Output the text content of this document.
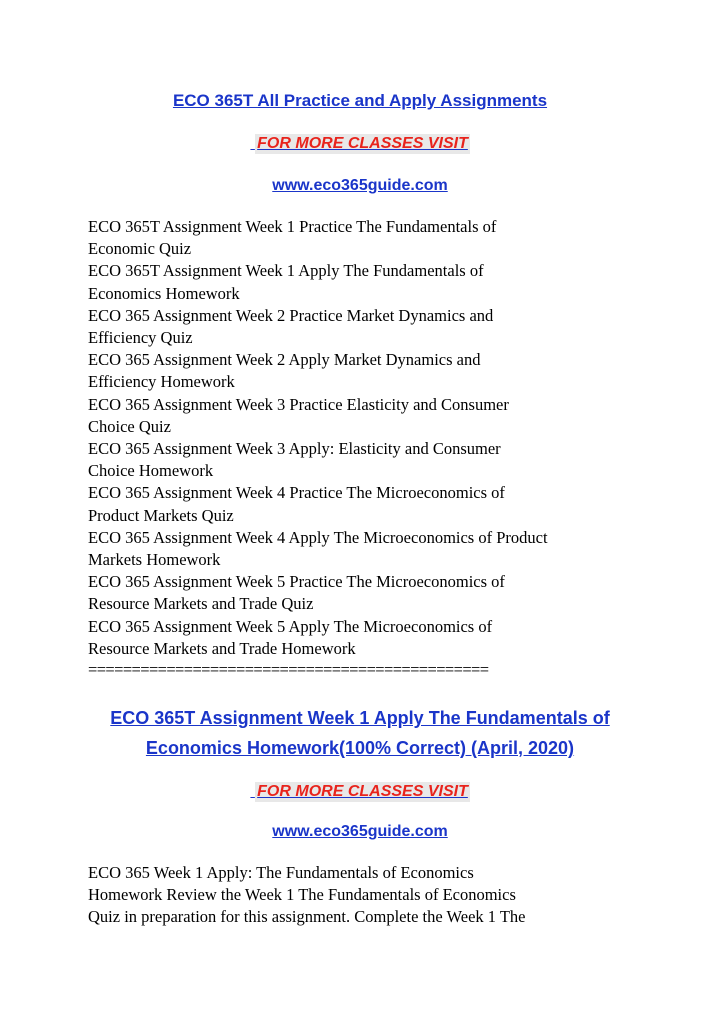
ECO 365T All Practice and Apply Assignments
FOR MORE CLASSES VISIT
www.eco365guide.com
ECO 365T Assignment Week 1 Practice The Fundamentals of
Economic Quiz
ECO 365T Assignment Week 1 Apply The Fundamentals of
Economics Homework
ECO 365 Assignment Week 2 Practice Market Dynamics and
Efficiency Quiz
ECO 365 Assignment Week 2 Apply Market Dynamics and
Efficiency Homework
ECO 365 Assignment Week 3 Practice Elasticity and Consumer
Choice Quiz
ECO 365 Assignment Week 3 Apply: Elasticity and Consumer
Choice Homework
ECO 365 Assignment Week 4 Practice The Microeconomics of
Product Markets Quiz
ECO 365 Assignment Week 4 Apply The Microeconomics of Product
Markets Homework
ECO 365 Assignment Week 5 Practice The Microeconomics of
Resource Markets and Trade Quiz
ECO 365 Assignment Week 5 Apply The Microeconomics of
Resource Markets and Trade Homework
==============================================
ECO 365T Assignment Week 1 Apply The Fundamentals of
Economics Homework(100% Correct) (April, 2020)
FOR MORE CLASSES VISIT
www.eco365guide.com
ECO 365 Week 1 Apply: The Fundamentals of Economics
Homework Review the Week 1 The Fundamentals of Economics
Quiz in preparation for this assignment. Complete the Week 1 The
